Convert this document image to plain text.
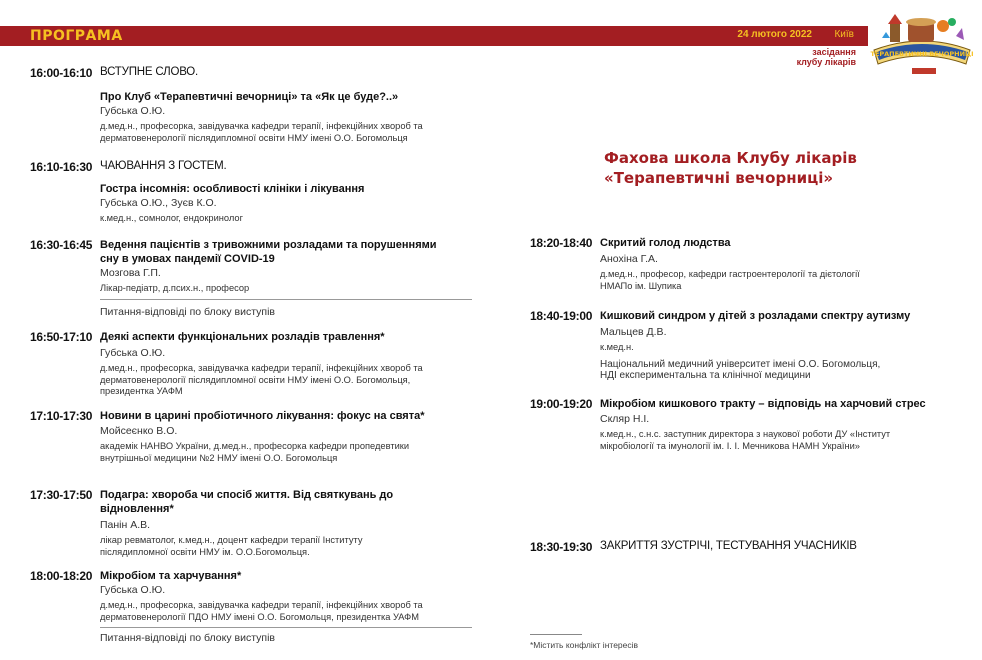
ПРОГРАМА	24 лютого 2022 Київ
засідання
клубу лікарів
ТЕРАПЕВТИЧНІ ВЕЧОРНИЦІ
Фахова школа Клубу лікарів
«Терапевтичні вечорниці»
16:00-16:10 ВСТУПНЕ СЛОВО.
Про Клуб «Терапевтичні вечорниці» та «Як це буде?..»
Губська О.Ю.
д.мед.н., професорка, завідувачка кафедри терапії, інфекційних хвороб та
дерматовенерології післядипломної освіти НМУ імені О.О. Богомольця
16:10-16:30 ЧАЮВАННЯ З ГОСТЕМ.
Гостра інсомнія: особливості клініки і лікування
Губська О.Ю., Зуєв К.О.
к.мед.н., сомнолог, ендокринолог
16:30-16:45 Ведення пацієнтів з тривожними розладами та порушеннями
сну в умовах пандемії COVID-19
Мозгова Г.П.
Лікар-педіатр, д.псих.н., професор
Питання-відповіді по блоку виступів
16:50-17:10 Деякі аспекти функціональних розладів травлення*
Губська О.Ю.
д.мед.н., професорка, завідувачка кафедри терапії, інфекційних хвороб та
дерматовенерології післядипломної освіти НМУ імені О.О. Богомольця,
президентка УАФМ
17:10-17:30 Новини в царині пробіотичного лікування: фокус на свята*
Мойсеєнко В.О.
академік НАНВО України, д.мед.н., професорка кафедри пропедевтики
внутрішньої медицини №2 НМУ імені О.О. Богомольця
17:30-17:50 Подагра: хвороба чи спосіб життя. Від святкувань до
відновлення*
Панін А.В.
лікар ревматолог, к.мед.н., доцент кафедри терапії Інституту
післядипломної освіти НМУ ім. О.О.Богомольця.
18:00-18:20 Мікробіом та харчування*
Губська О.Ю.
д.мед.н., професорка, завідувачка кафедри терапії, інфекційних хвороб та
дерматовенерології ПДО НМУ імені О.О. Богомольця, президентка УАФМ
Питання-відповіді по блоку виступів
18:20-18:40 Скритий голод людства
Анохіна Г.А.
д.мед.н., професор, кафедри гастроентерології та дієтології
НМАПо ім. Шупика
18:40-19:00 Кишковий синдром у дітей з розладами спектру аутизму
Мальцев Д.В.
к.мед.н.
Національний медичний університет імені О.О. Богомольця,
НДІ експериментальна та клінічної медицини
19:00-19:20 Мікробіом кишкового тракту – відповідь на харчовий стрес
Скляр Н.І.
к.мед.н., с.н.с. заступник директора з наукової роботи ДУ «Інститут
мікробіології та імунології ім. І. І. Мечникова НАМН України»
18:30-19:30 ЗАКРИТТЯ ЗУСТРІЧІ, ТЕСТУВАННЯ УЧАСНИКІВ
*Містить конфлікт інтересів
